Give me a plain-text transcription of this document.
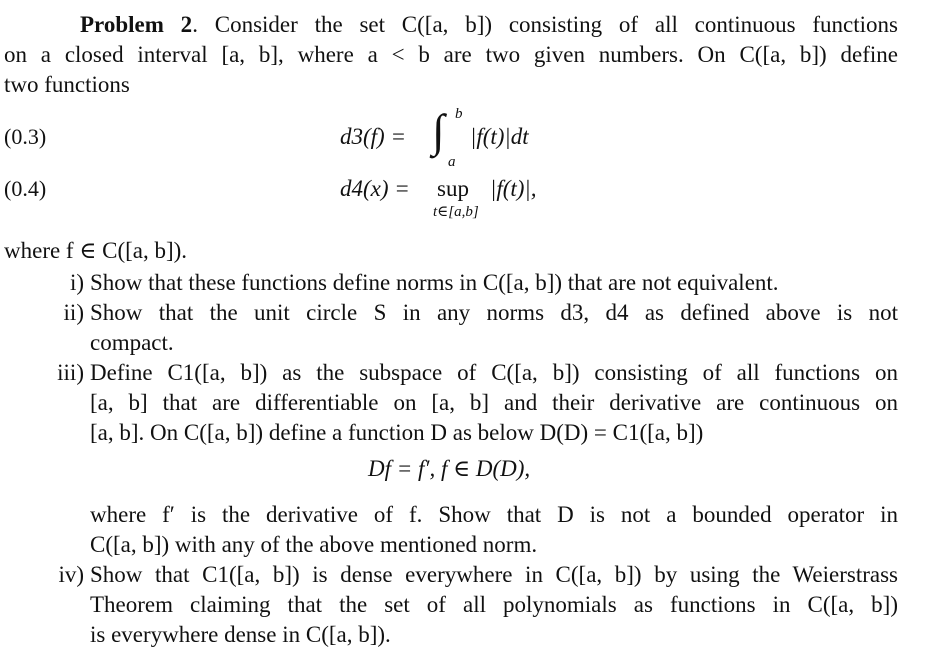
Problem 2. Consider the set C([a, b]) consisting of all continuous functions
on a closed interval [a, b], where a < b are two given numbers. On C([a, b]) define
two functions
(0.3)	d3(f) = ∫ b
a
|f(t)|dt
(0.4)	d4(x) = sup |f(t)|,
t∈[a,b]
where f ∈ C([a, b]).
i) Show that these functions define norms in C([a, b]) that are not equivalent.
ii) Show that the unit circle S in any norms d3, d4 as defined above is not
compact.
iii) Define C1([a, b]) as the subspace of C([a, b]) consisting of all functions on
[a, b] that are differentiable on [a, b] and their derivative are continuous on
[a, b]. On C([a, b]) define a function D as below D(D) = C1([a, b])
Df = f′, f ∈ D(D),
where f′ is the derivative of f. Show that D is not a bounded operator in
C([a, b]) with any of the above mentioned norm.
iv) Show that C1([a, b]) is dense everywhere in C([a, b]) by using the Weierstrass
Theorem claiming that the set of all polynomials as functions in C([a, b])
is everywhere dense in C([a, b]).
